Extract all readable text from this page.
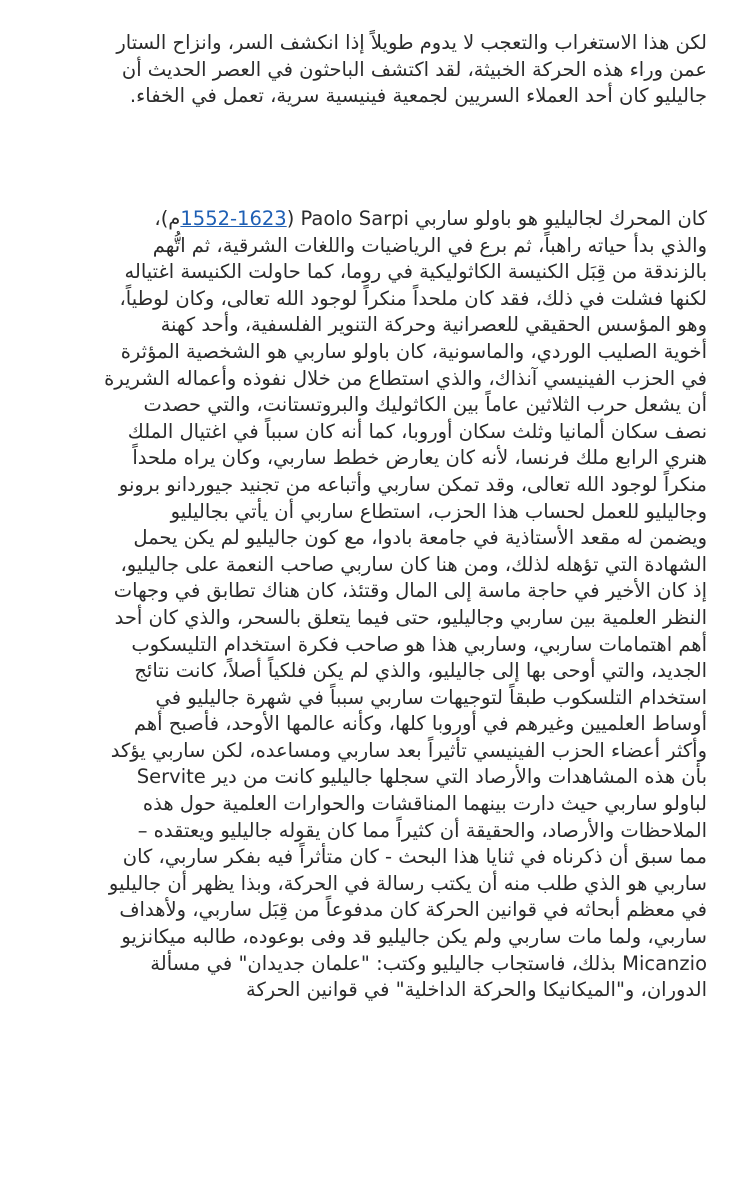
لكن هذا الاستغراب والتعجب لا يدوم طويلاً إذا انكشف السر، وانزاح الستار
عمن وراء هذه الحركة الخبيثة، لقد اكتشف الباحثون في العصر الحديث أن
جاليليو كان أحد العملاء السريين لجمعية فينيسية سرية، تعمل في الخفاء.

كان المحرك لجاليليو هو باولو ساربي Paolo Sarpi (1552-1623م)،
والذي بدأ حياته راهباً، ثم برع في الرياضيات واللغات الشرقية، ثم اتُّهم
بالزندقة من قِبَل الكنيسة الكاثوليكية في روما، كما حاولت الكنيسة اغتياله
لكنها فشلت في ذلك، فقد كان ملحداً منكراً لوجود الله تعالى، وكان لوطياً،
وهو المؤسس الحقيقي للعصرانية وحركة التنوير الفلسفية، وأحد كهنة
أخوية الصليب الوردي، والماسونية، كان باولو ساربي هو الشخصية المؤثرة
في الحزب الفينيسي آنذاك، والذي استطاع من خلال نفوذه وأعماله الشريرة
أن يشعل حرب الثلاثين عاماً بين الكاثوليك والبروتستانت، والتي حصدت
نصف سكان ألمانيا وثلث سكان أوروبا، كما أنه كان سبباً في اغتيال الملك
هنري الرابع ملك فرنسا، لأنه كان يعارض خطط ساربي، وكان يراه ملحداً
منكراً لوجود الله تعالى، وقد تمكن ساربي وأتباعه من تجنيد جيوردانو برونو
وجاليليو للعمل لحساب هذا الحزب، استطاع ساربي أن يأتي بجاليليو
ويضمن له مقعد الأستاذية في جامعة بادوا، مع كون جاليليو لم يكن يحمل
الشهادة التي تؤهله لذلك، ومن هنا كان ساربي صاحب النعمة على جاليليو،
إذ كان الأخير في حاجة ماسة إلى المال وقتئذ، كان هناك تطابق في وجهات
النظر العلمية بين ساربي وجاليليو، حتى فيما يتعلق بالسحر، والذي كان أحد
أهم اهتمامات ساربي، وساربي هذا هو صاحب فكرة استخدام التليسكوب
الجديد، والتي أوحى بها إلى جاليليو، والذي لم يكن فلكياً أصلاً، كانت نتائج
استخدام التلسكوب طبقاً لتوجيهات ساربي سبباً في شهرة جاليليو في
أوساط العلميين وغيرهم في أوروبا كلها، وكأنه عالمها الأوحد، فأصبح أهم
وأكثر أعضاء الحزب الفينيسي تأثيراً بعد ساربي ومساعده، لكن ساربي يؤكد
بأن هذه المشاهدات والأرصاد التي سجلها جاليليو كانت من دير Servite
لباولو ساربي حيث دارت بينهما المناقشات والحوارات العلمية حول هذه
الملاحظات والأرصاد، والحقيقة أن كثيراً مما كان يقوله جاليليو ويعتقده –
مما سبق أن ذكرناه في ثنايا هذا البحث - كان متأثراً فيه بفكر ساربي، كان
ساربي هو الذي طلب منه أن يكتب رسالة في الحركة، وبذا يظهر أن جاليليو
في معظم أبحاثه في قوانين الحركة كان مدفوعاً من قِبَل ساربي، ولأهداف
ساربي، ولما مات ساربي ولم يكن جاليليو قد وفى بوعوده، طالبه ميكانزيو
Micanzio بذلك، فاستجاب جاليليو وكتب: "علمان جديدان" في مسألة
الدوران، و"الميكانيكا والحركة الداخلية" في قوانين الحركة
